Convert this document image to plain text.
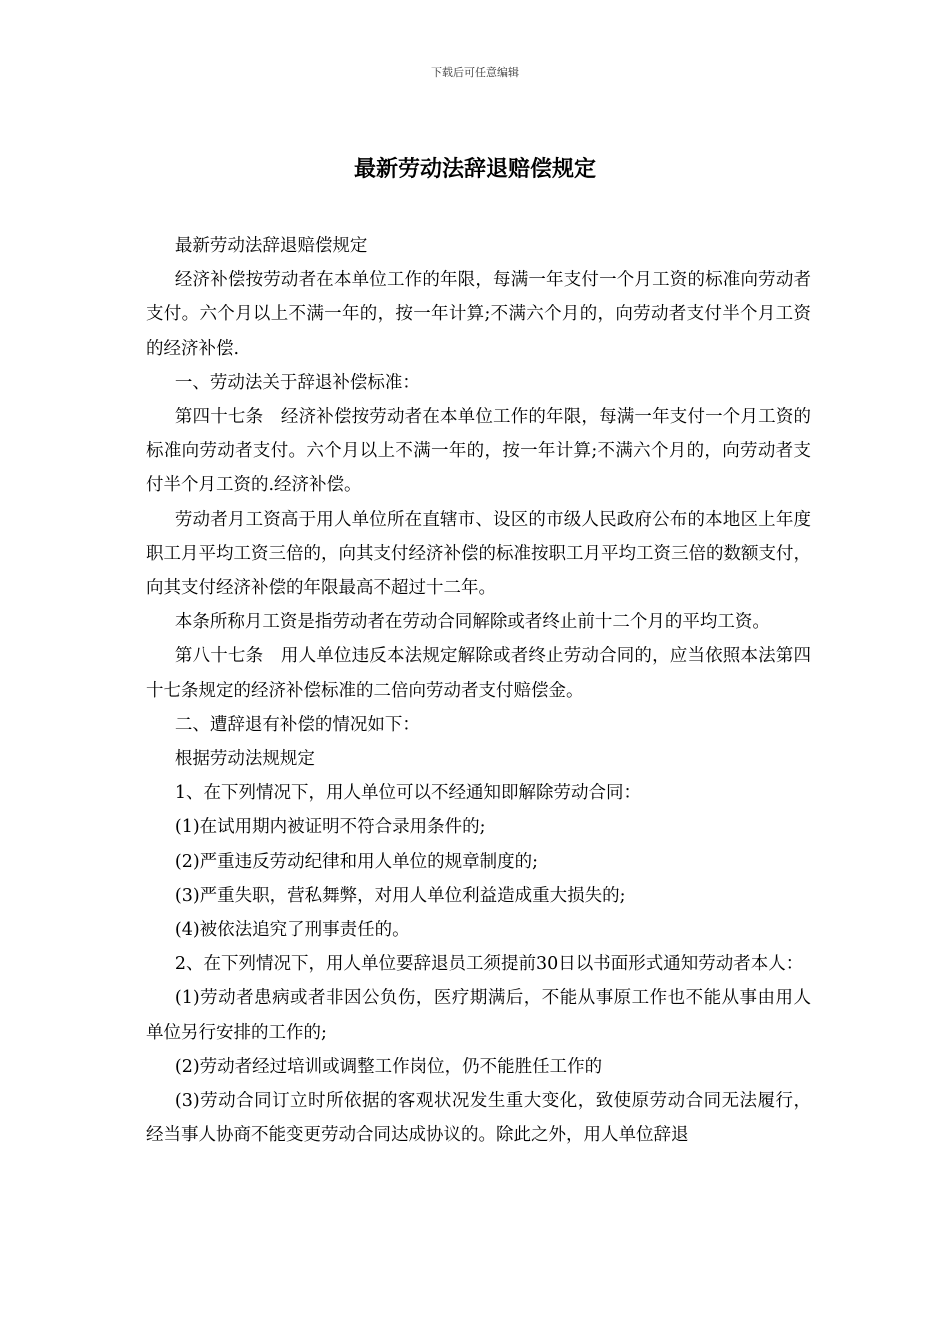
下载后可任意编辑
最新劳动法辞退赔偿规定

最新劳动法辞退赔偿规定

经济补偿按劳动者在本单位工作的年限，每满一年支付一个月工资的标准向劳动者支付。六个月以上不满一年的，按一年计算;不满六个月的，向劳动者支付半个月工资的经济补偿.

一、劳动法关于辞退补偿标准：

第四十七条　经济补偿按劳动者在本单位工作的年限，每满一年支付一个月工资的标准向劳动者支付。六个月以上不满一年的，按一年计算;不满六个月的，向劳动者支付半个月工资的.经济补偿。

劳动者月工资高于用人单位所在直辖市、设区的市级人民政府公布的本地区上年度职工月平均工资三倍的，向其支付经济补偿的标准按职工月平均工资三倍的数额支付，向其支付经济补偿的年限最高不超过十二年。

本条所称月工资是指劳动者在劳动合同解除或者终止前十二个月的平均工资。

第八十七条　用人单位违反本法规定解除或者终止劳动合同的，应当依照本法第四十七条规定的经济补偿标准的二倍向劳动者支付赔偿金。

二、遭辞退有补偿的情况如下：

根据劳动法规规定

1、在下列情况下，用人单位可以不经通知即解除劳动合同：

(1)在试用期内被证明不符合录用条件的;

(2)严重违反劳动纪律和用人单位的规章制度的;

(3)严重失职，营私舞弊，对用人单位利益造成重大损失的;

(4)被依法追究了刑事责任的。

2、在下列情况下，用人单位要辞退员工须提前30日以书面形式通知劳动者本人：

(1)劳动者患病或者非因公负伤，医疗期满后，不能从事原工作也不能从事由用人单位另行安排的工作的;

(2)劳动者经过培训或调整工作岗位，仍不能胜任工作的

(3)劳动合同订立时所依据的客观状况发生重大变化，致使原劳动合同无法履行，经当事人协商不能变更劳动合同达成协议的。除此之外，用人单位辞退
